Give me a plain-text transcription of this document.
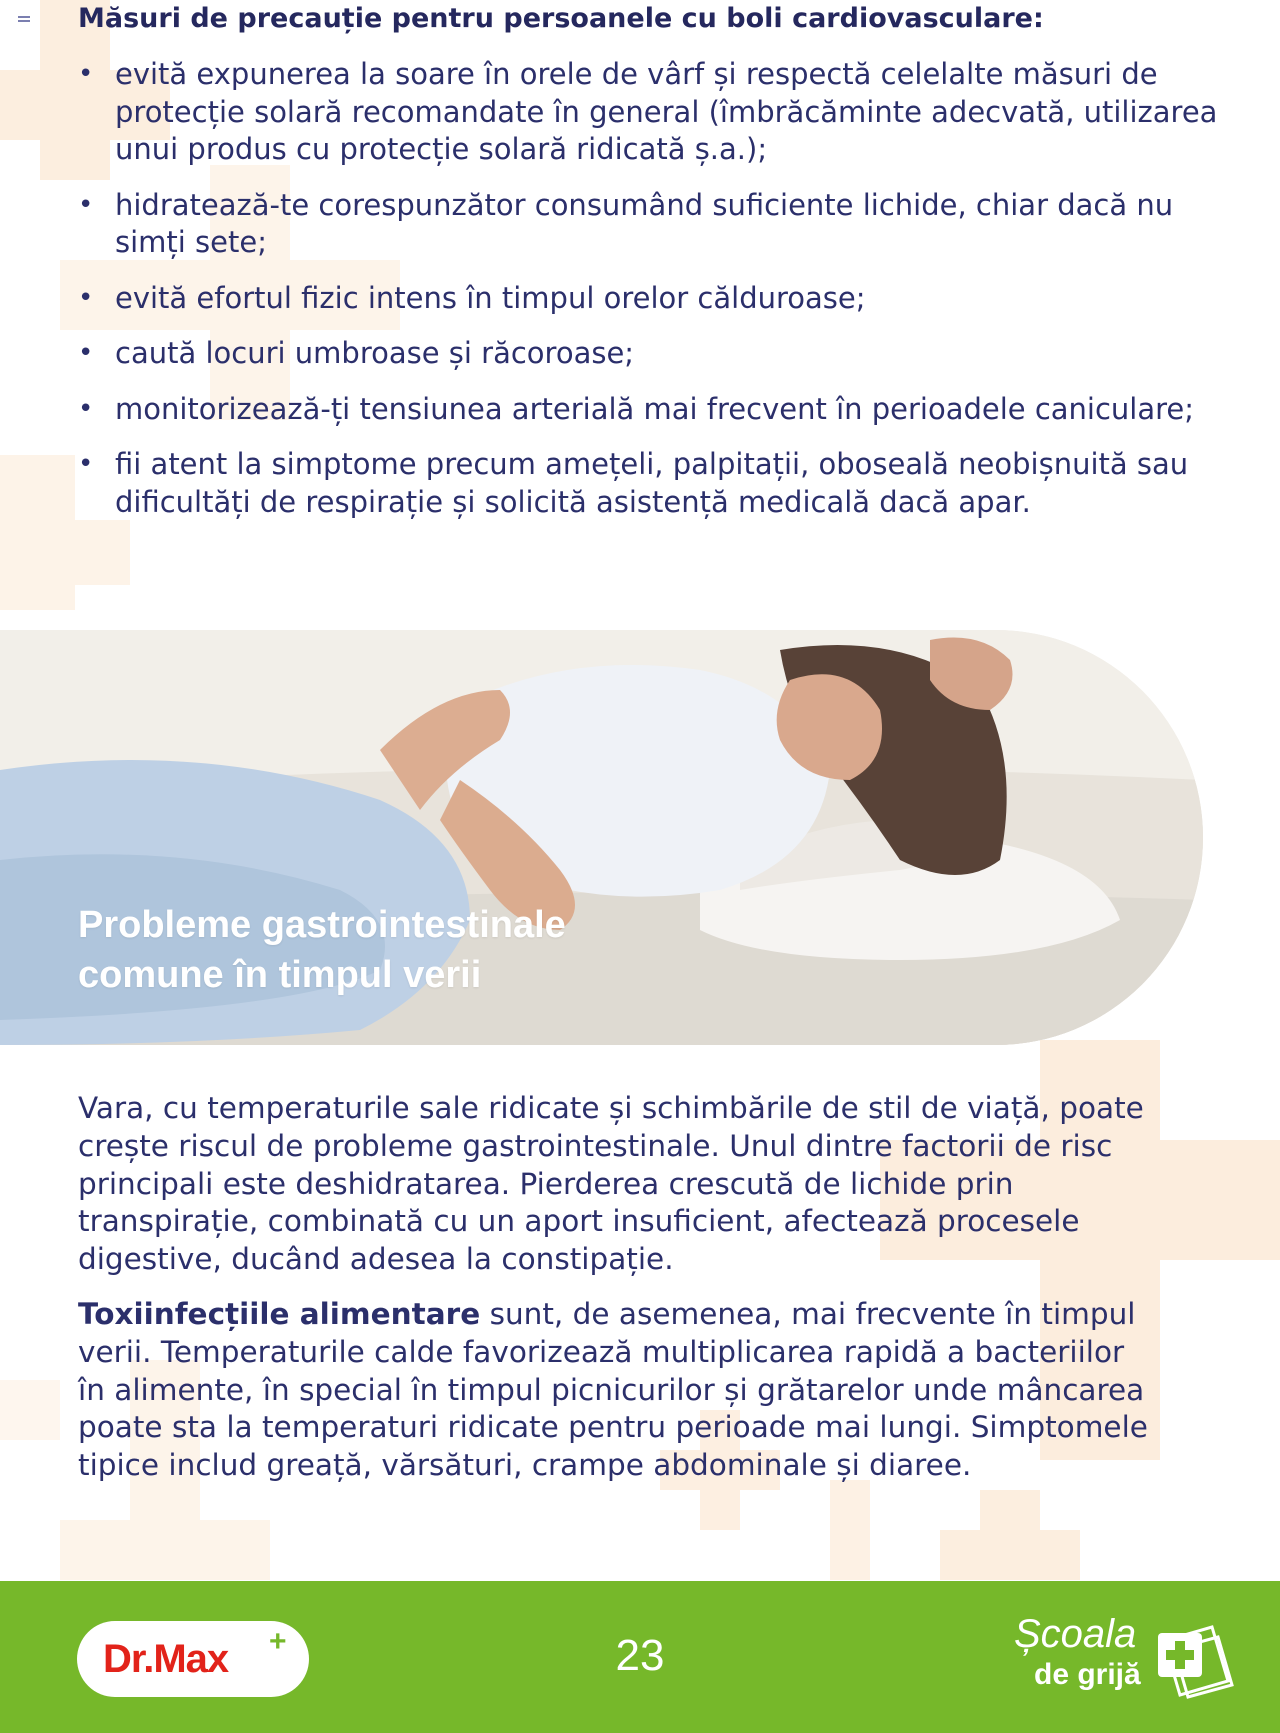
Măsuri de precauție pentru persoanele cu boli cardiovasculare:
• evită expunerea la soare în orele de vârf și respectă celelalte măsuri de protecție solară recomandate în general (îmbrăcăminte adecvată, utilizarea unui produs cu protecție solară ridicată ș.a.);
• hidratează-te corespunzător consumând suficiente lichide, chiar dacă nu simți sete;
• evită efortul fizic intens în timpul orelor călduroase;
• caută locuri umbroase și răcoroase;
• monitorizează-ți tensiunea arterială mai frecvent în perioadele caniculare;
• fii atent la simptome precum amețeli, palpitații, oboseală neobișnuită sau dificultăți de respirație și solicită asistență medicală dacă apar.
Probleme gastrointestinale
comune în timpul verii

Vara, cu temperaturile sale ridicate și schimbările de stil de viață, poate crește riscul de probleme gastrointestinale. Unul dintre factorii de risc principali este deshidratarea. Pierderea crescută de lichide prin transpirație, combinată cu un aport insuficient, afectează procesele digestive, ducând adesea la constipație.

Toxiinfecțiile alimentare sunt, de asemenea, mai frecvente în timpul verii. Temperaturile calde favorizează multiplicarea rapidă a bacteriilor în alimente, în special în timpul picnicurilor și grătarelor unde mâncarea poate sta la temperaturi ridicate pentru perioade mai lungi. Simptomele tipice includ greață, vărsături, crampe abdominale și diaree.

Dr.Max +	23	Școala
de grijă
